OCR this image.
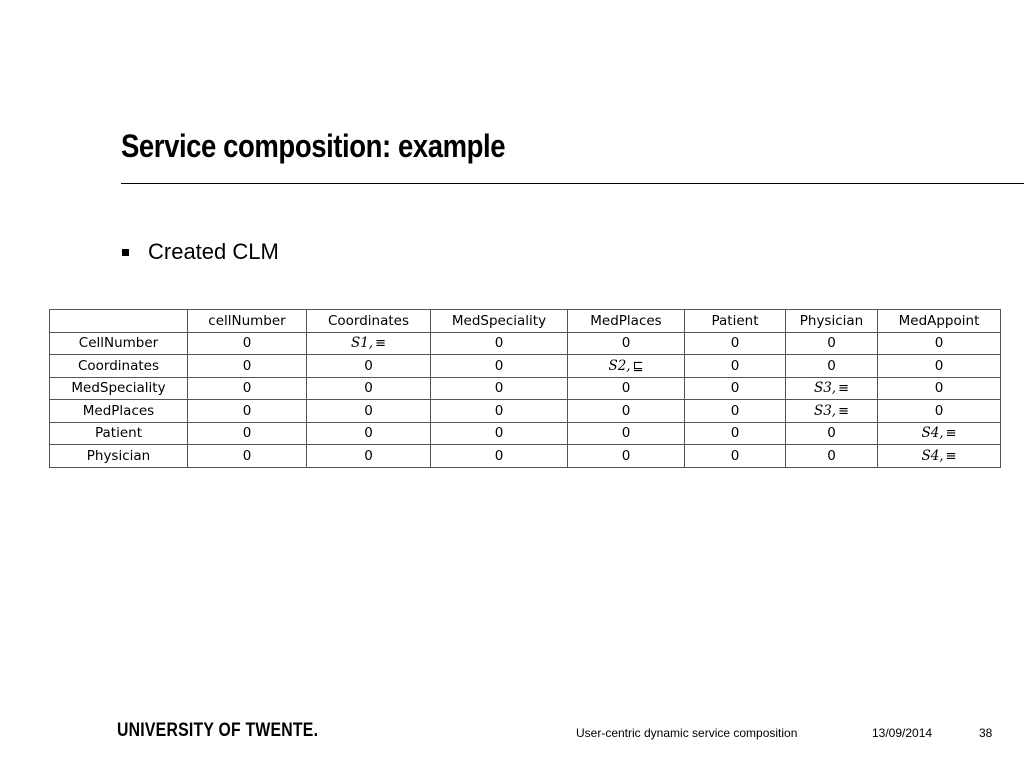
Service composition: example
Created CLM
	cellNumber	Coordinates	MedSpeciality	MedPlaces	Patient	Physician	MedAppoint
CellNumber	0	S1, ≡	0	0	0	0	0
Coordinates	0	0	0	S2, ⊑	0	0	0
MedSpeciality	0	0	0	0	0	S3, ≡	0
MedPlaces	0	0	0	0	0	S3, ≡	0
Patient	0	0	0	0	0	0	S4, ≡
Physician	0	0	0	0	0	0	S4, ≡
UNIVERSITY OF TWENTE.	User-centric dynamic service composition	13/09/2014	38
